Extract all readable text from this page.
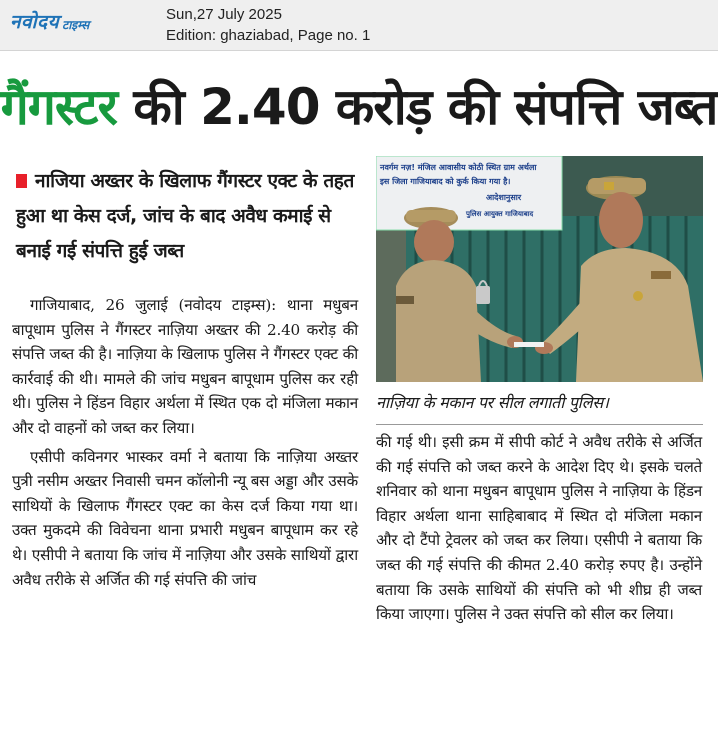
नवोदय टाइम्स
Sun,27 July 2025
Edition: ghaziabad, Page no. 1
गैंगस्टर की 2.40 करोड़ की संपत्ति जब्त
नाजिया अख्तर के खिलाफ गैंगस्टर एक्ट के तहत हुआ था केस दर्ज, जांच के बाद अवैध कमाई से बनाई गई संपत्ति हुई जब्त

गाजियाबाद, 26 जुलाई (नवोदय टाइम्स): थाना मधुबन बापूधाम पुलिस ने गैंगस्टर नाज़िया अख्तर की 2.40 करोड़ की संपत्ति जब्त की है। नाज़िया के खिलाफ पुलिस ने गैंगस्टर एक्ट की कार्रवाई की थी। मामले की जांच मधुबन बापूधाम पुलिस कर रही थी। पुलिस ने हिंडन विहार अर्थला में स्थित एक दो मंजिला मकान और दो वाहनों को जब्त कर लिया।

एसीपी कविनगर भास्कर वर्मा ने बताया कि नाज़िया अख्तर पुत्री नसीम अख्तर निवासी चमन कॉलोनी न्यू बस अड्डा और उसके साथियों के खिलाफ गैंगस्टर एक्ट का केस दर्ज किया गया था। उक्त मुकदमे की विवेचना थाना प्रभारी मधुबन बापूधाम कर रहे थे। एसीपी ने बताया कि जांच में नाज़िया और उसके साथियों द्वारा अवैध तरीके से अर्जित की गई संपत्ति की जांच

नवर्गम नज़! मंजिल आवासीय कोठी स्थित ग्राम अर्थला
इस जिला गाजियाबाद को कुर्क किया गया है।
आदेशानुसार
पुलिस आयुक्त गाजियाबाद
नाज़िया के मकान पर सील लगाती पुलिस।

की गई थी। इसी क्रम में सीपी कोर्ट ने अवैध तरीके से अर्जित की गई संपत्ति को जब्त करने के आदेश दिए थे। इसके चलते शनिवार को थाना मधुबन बापूधाम पुलिस ने नाज़िया के हिंडन विहार अर्थला थाना साहिबाबाद में स्थित दो मंजिला मकान और दो टैंपो ट्रेवलर को जब्त कर लिया। एसीपी ने बताया कि जब्त की गई संपत्ति की कीमत 2.40 करोड़ रुपए है। उन्होंने बताया कि उसके साथियों की संपत्ति को भी शीघ्र ही जब्त किया जाएगा। पुलिस ने उक्त संपत्ति को सील कर लिया।
